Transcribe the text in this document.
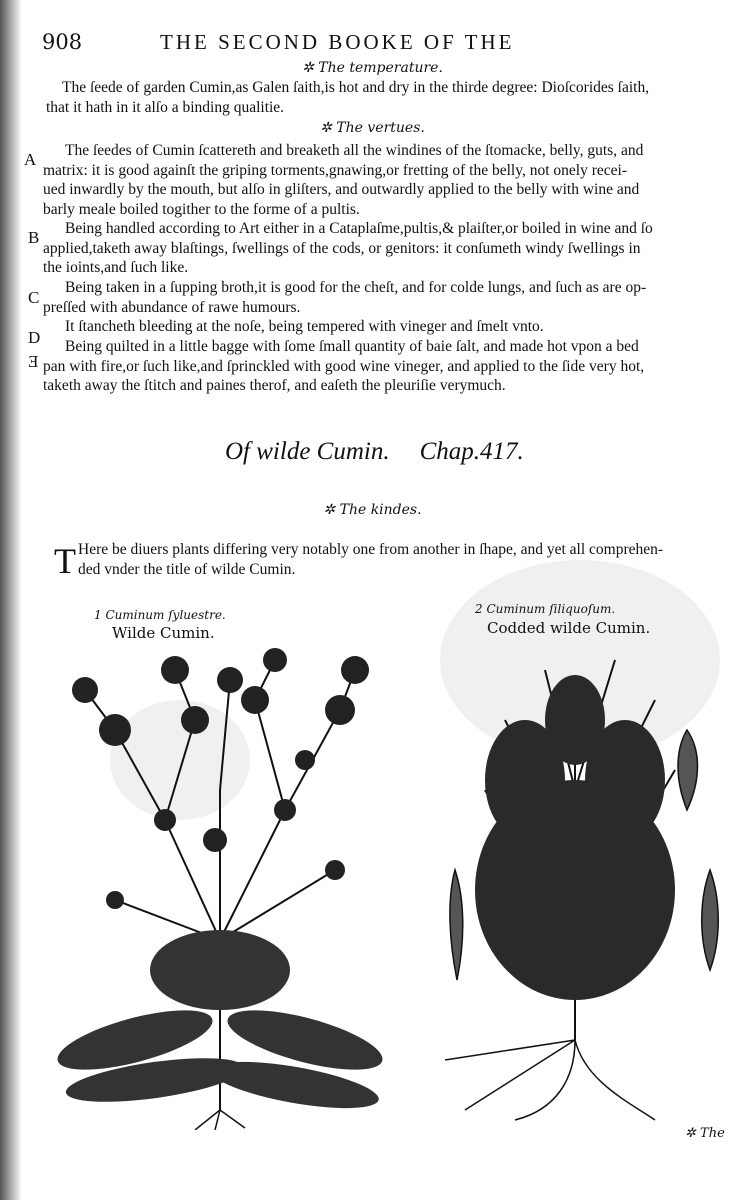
908	THE SECOND BOOKE OF THE
✲ The temperature.
The ſeede of garden Cumin,as Galen ſaith,is hot and dry in the thirde degree: Dioſcorides ſaith,
that it hath in it alſo a binding qualitie.
✲ The vertues.
A The ſeedes of Cumin ſcattereth and breaketh all the windines of the ſtomacke, belly, guts, and
matrix: it is good againſt the griping torments,gnawing,or fretting of the belly, not onely recei-
ued inwardly by the mouth, but alſo in gliſters, and outwardly applied to the belly with wine and
barly meale boiled togither to the forme of a pultis.
B Being handled according to Art either in a Cataplaſme,pultis,& plaiſter,or boiled in wine and ſo
applied,taketh away blaſtings, ſwellings of the cods, or genitors: it conſumeth windy ſwellings in
the ioints,and ſuch like.
C
Being taken in a ſupping broth,it is good for the cheſt, and for colde lungs, and ſuch as are op-
preſſed with abundance of rawe humours.
D
It ſtancheth bleeding at the noſe, being tempered with vineger and ſmelt vnto.
E
Being quilted in a little bagge with ſome ſmall quantity of baie ſalt, and made hot vpon a bed
pan with fire,or ſuch like,and ſprinckled with good wine vineger, and applied to the ſide very hot,
taketh away the ſtitch and paines therof, and eaſeth the pleuriſie verymuch.
Of wilde Cumin. Chap.417.
✲ The kindes.
T Here be diuers plants differing very notably one from another in ſhape, and yet all comprehen-
ded vnder the title of wilde Cumin.
1 Cuminum ſyluestre.
Wilde Cumin.
2 Cuminum ſiliquoſum.
Codded wilde Cumin.
✲ The
